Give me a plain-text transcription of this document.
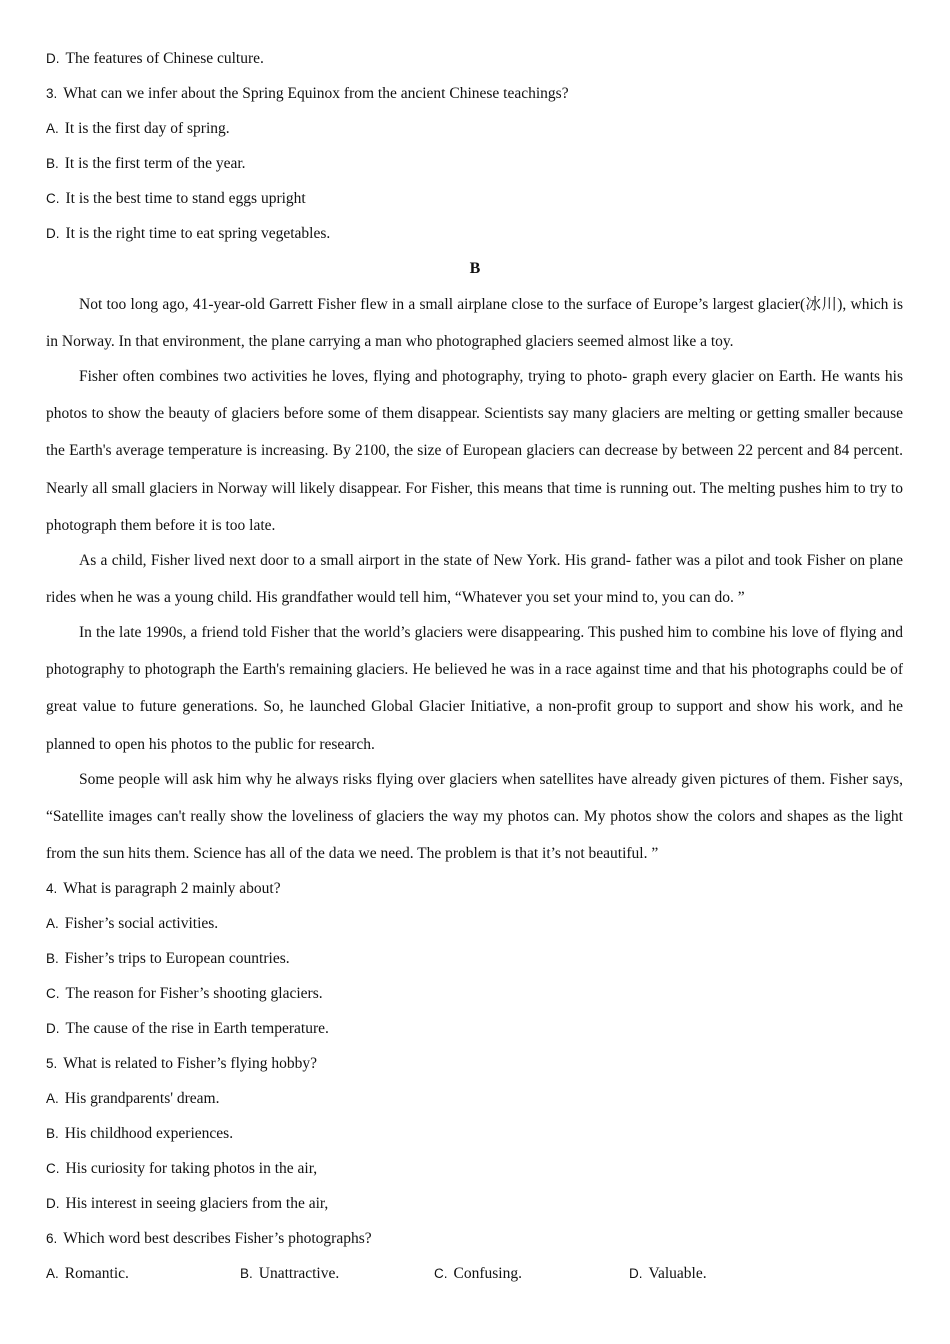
D. The features of Chinese culture.
3. What can we infer about the Spring Equinox from the ancient Chinese teachings?
A. It is the first day of spring.
B. It is the first term of the year.
C. It is the best time to stand eggs upright
D. It is the right time to eat spring vegetables.
B

Not too long ago, 41-year-old Garrett Fisher flew in a small airplane close to the surface of Europe’s largest glacier(冰川), which is in Norway. In that environment, the plane carrying a man who photographed glaciers seemed almost like a toy.

Fisher often combines two activities he loves, flying and photography, trying to photo- graph every glacier on Earth. He wants his photos to show the beauty of glaciers before some of them disappear. Scientists say many glaciers are melting or getting smaller because the Earth's average temperature is increasing. By 2100, the size of European glaciers can decrease by between 22 percent and 84 percent. Nearly all small glaciers in Norway will likely disappear. For Fisher, this means that time is running out. The melting pushes him to try to photograph them before it is too late.

As a child, Fisher lived next door to a small airport in the state of New York. His grand- father was a pilot and took Fisher on plane rides when he was a young child. His grandfather would tell him, “Whatever you set your mind to, you can do. ”

In the late 1990s, a friend told Fisher that the world’s glaciers were disappearing. This pushed him to combine his love of flying and photography to photograph the Earth's remaining glaciers. He believed he was in a race against time and that his photographs could be of great value to future generations. So, he launched Global Glacier Initiative, a non-profit group to support and show his work, and he planned to open his photos to the public for research.

Some people will ask him why he always risks flying over glaciers when satellites have already given pictures of them. Fisher says, “Satellite images can't really show the loveliness of glaciers the way my photos can. My photos show the colors and shapes as the light from the sun hits them. Science has all of the data we need. The problem is that it’s not beautiful. ”

4. What is paragraph 2 mainly about?
A. Fisher’s social activities.
B. Fisher’s trips to European countries.
C. The reason for Fisher’s shooting glaciers.
D. The cause of the rise in Earth temperature.
5. What is related to Fisher’s flying hobby?
A. His grandparents' dream.
B. His childhood experiences.
C. His curiosity for taking photos in the air,
D. His interest in seeing glaciers from the air,
6. Which word best describes Fisher’s photographs?
A. Romantic.	B. Unattractive.	C. Confusing.	D. Valuable.
